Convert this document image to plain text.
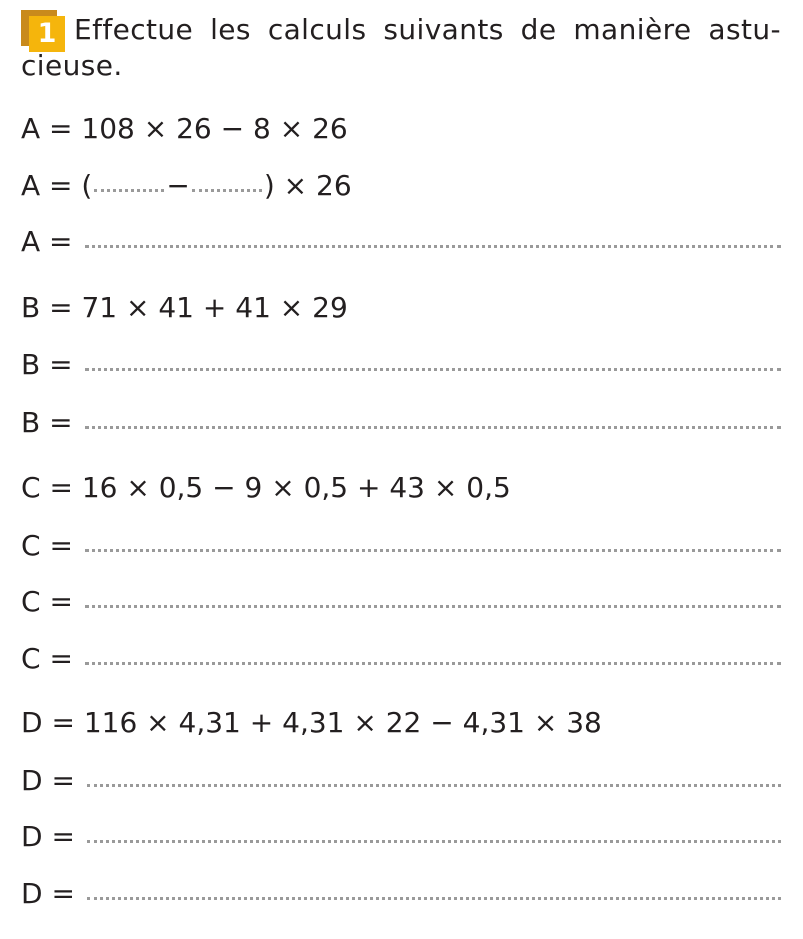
1 Effectue les calculs suivants de manière astu-
cieuse.

A = 108 × 26 − 8 × 26
A = (	−	) × 26
A =
B = 71 × 41 + 41 × 29
B =
B =
C = 16 × 0,5 − 9 × 0,5 + 43 × 0,5
C =
C =
C =
D = 116 × 4,31 + 4,31 × 22 − 4,31 × 38
D =
D =
D =
